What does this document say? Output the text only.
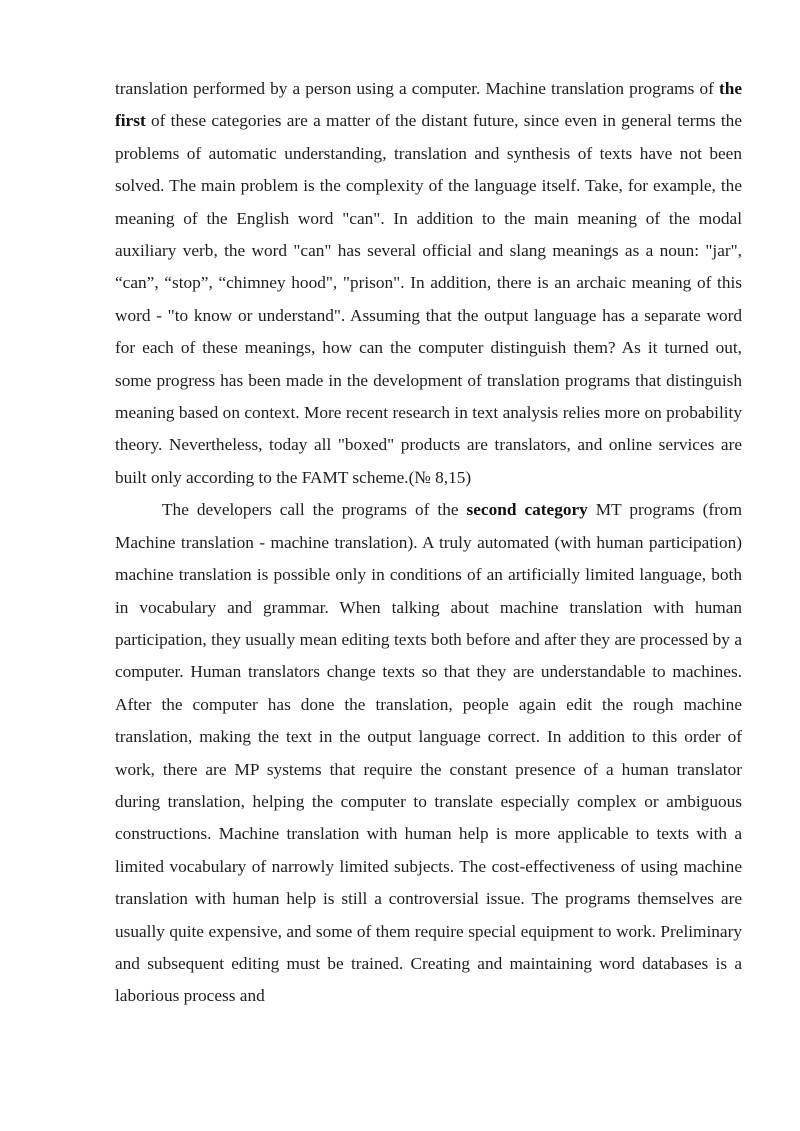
translation performed by a person using a computer. Machine translation programs of the first of these categories are a matter of the distant future, since even in general terms the problems of automatic understanding, translation and synthesis of texts have not been solved. The main problem is the complexity of the language itself. Take, for example, the meaning of the English word "can". In addition to the main meaning of the modal auxiliary verb, the word "can" has several official and slang meanings as a noun: "jar", “can”, “stop”, “chimney hood", "prison". In addition, there is an archaic meaning of this word - "to know or understand". Assuming that the output language has a separate word for each of these meanings, how can the computer distinguish them? As it turned out, some progress has been made in the development of translation programs that distinguish meaning based on context. More recent research in text analysis relies more on probability theory. Nevertheless, today all "boxed" products are translators, and online services are built only according to the FAMT scheme.(№ 8,15)

The developers call the programs of the second category MT programs (from Machine translation - machine translation). A truly automated (with human participation) machine translation is possible only in conditions of an artificially limited language, both in vocabulary and grammar. When talking about machine translation with human participation, they usually mean editing texts both before and after they are processed by a computer. Human translators change texts so that they are understandable to machines. After the computer has done the translation, people again edit the rough machine translation, making the text in the output language correct. In addition to this order of work, there are MP systems that require the constant presence of a human translator during translation, helping the computer to translate especially complex or ambiguous constructions. Machine translation with human help is more applicable to texts with a limited vocabulary of narrowly limited subjects. The cost-effectiveness of using machine translation with human help is still a controversial issue. The programs themselves are usually quite expensive, and some of them require special equipment to work. Preliminary and subsequent editing must be trained. Creating and maintaining word databases is a laborious process and
